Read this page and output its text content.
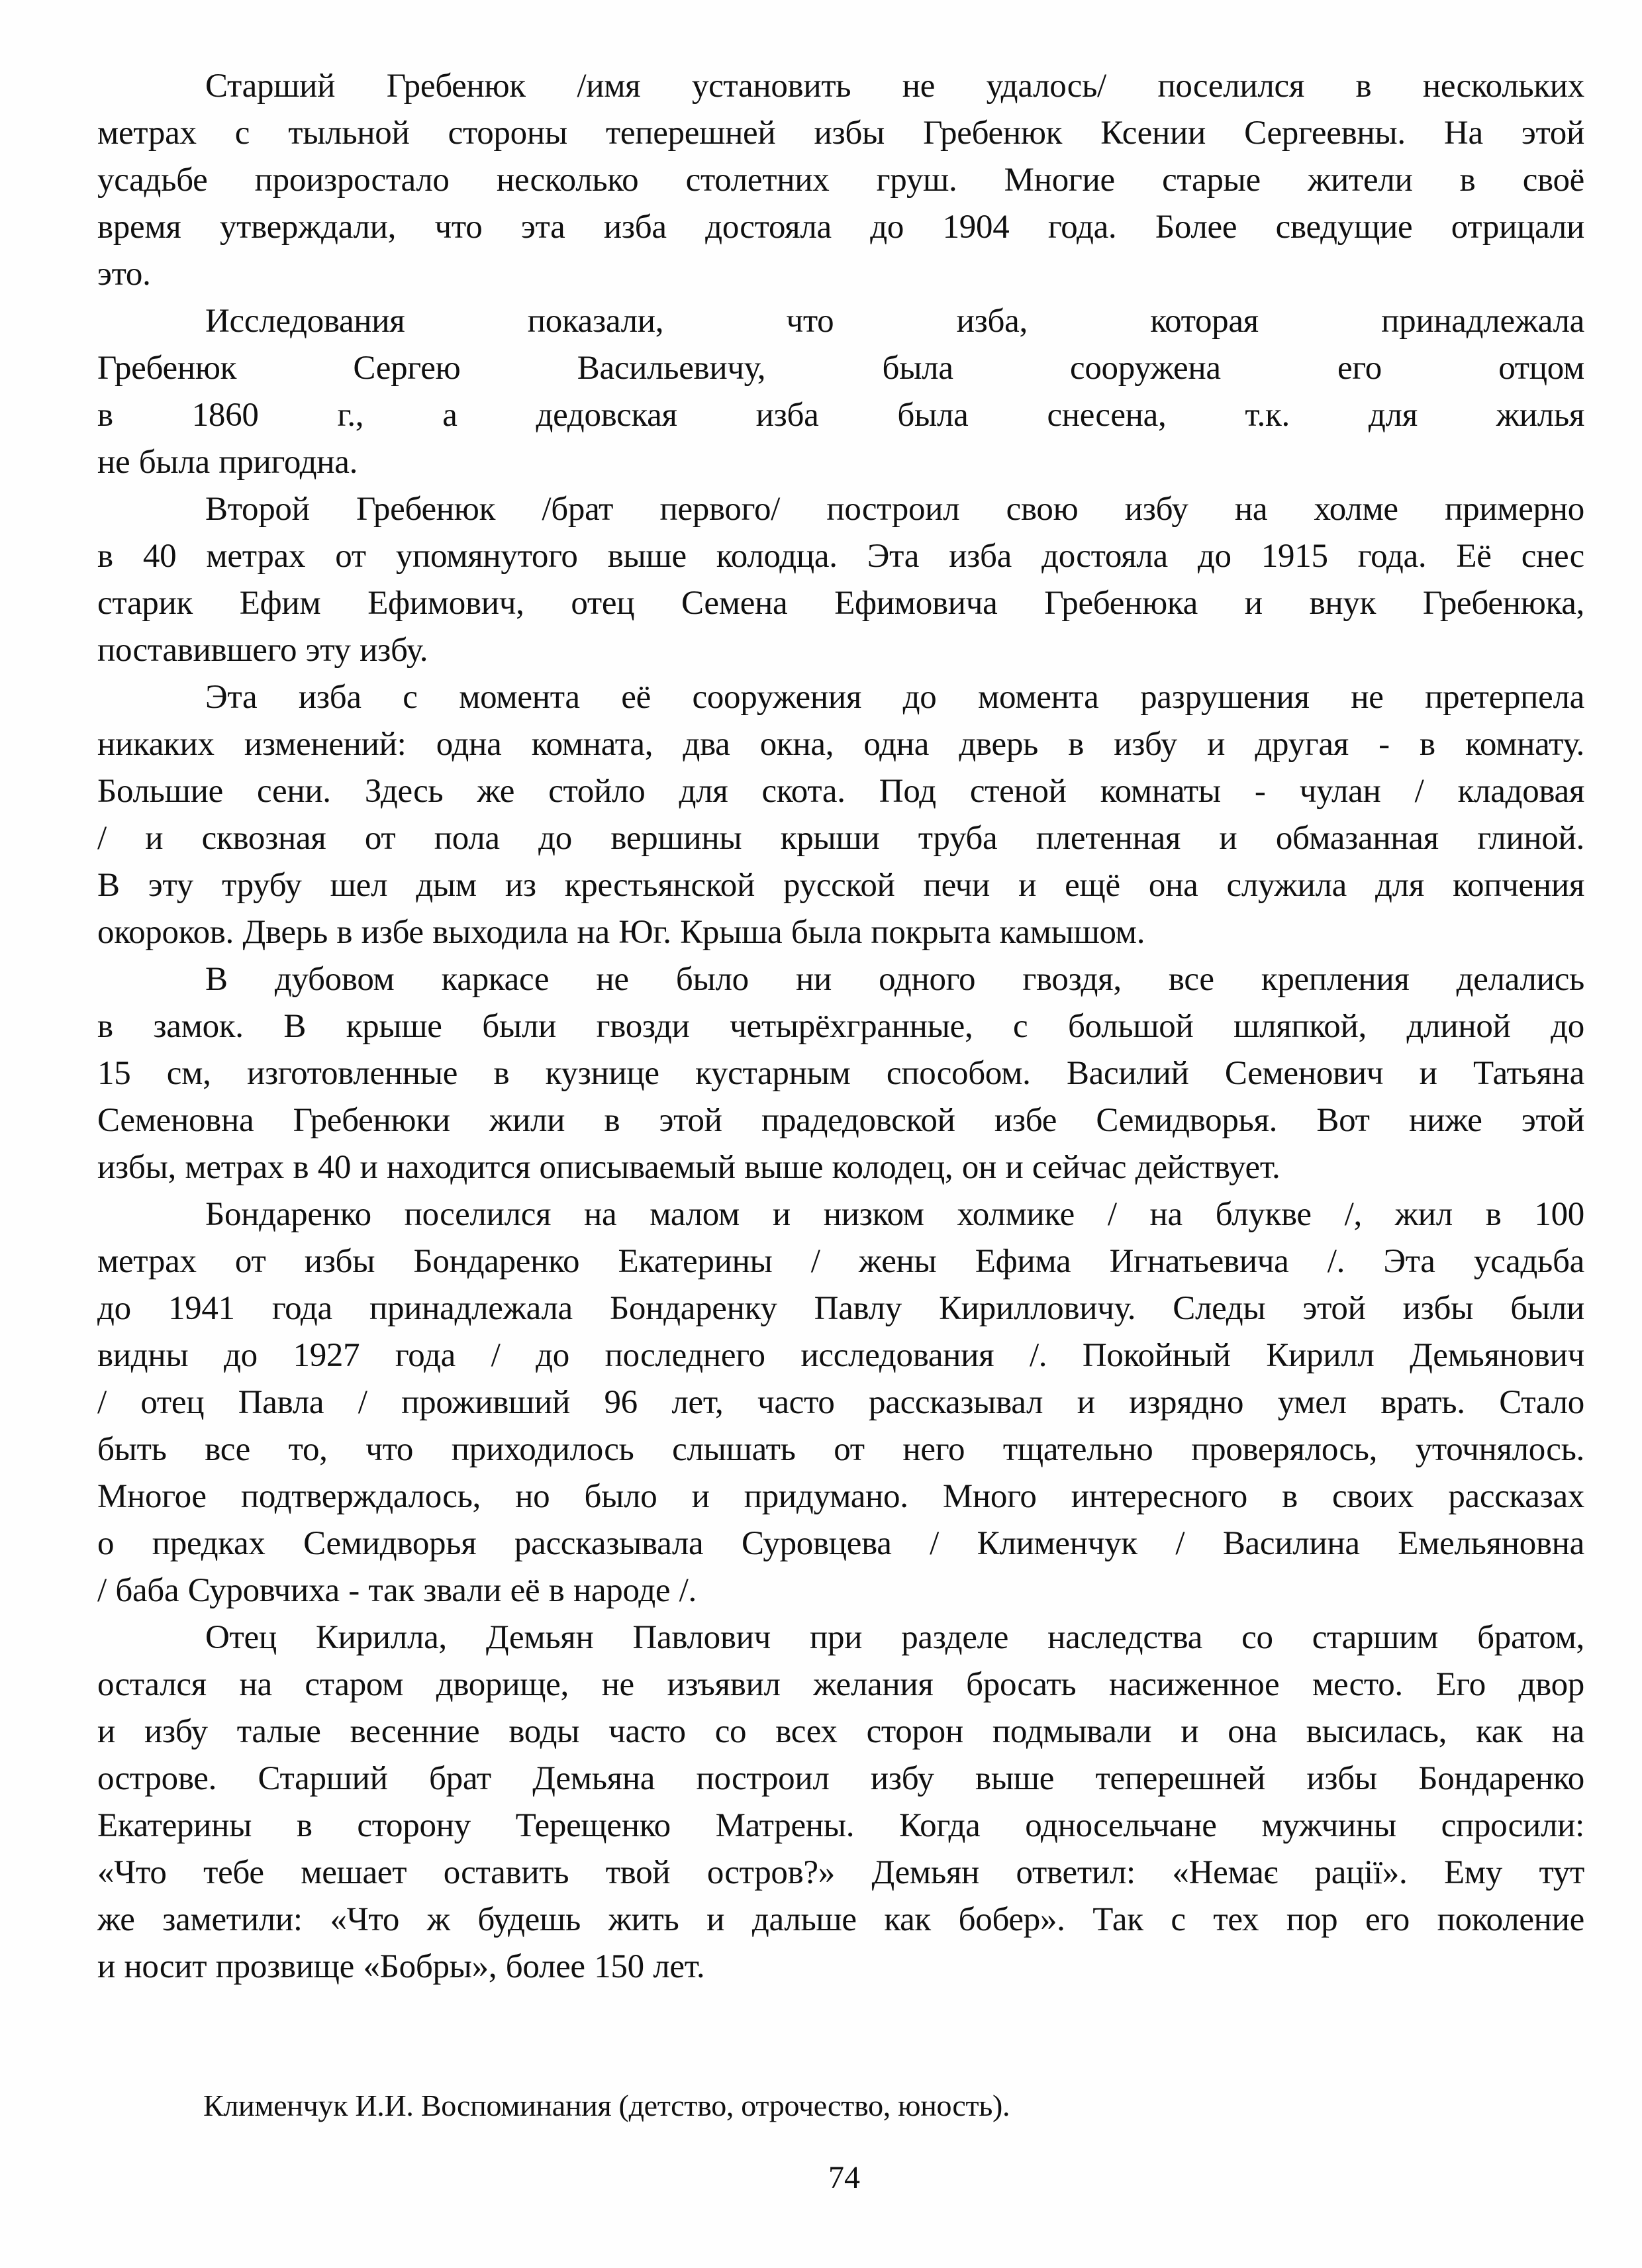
Старший Гребенюк /имя установить не удалось/ поселился в нескольких
метрах с тыльной стороны теперешней избы Гребенюк Ксении Сергеевны. На этой
усадьбе произростало несколько столетних груш. Многие старые жители в своё
время утверждали, что эта изба достояла до 1904 года. Более сведущие отрицали
это.
Исследования показали, что изба, которая принадлежала
Гребенюк Сергею Васильевичу, была сооружена его отцом
в 1860 г., а дедовская изба была снесена, т.к. для жилья
не была пригодна.
Второй Гребенюк /брат первого/ построил свою избу на холме примерно
в 40 метрах от упомянутого выше колодца. Эта изба достояла до 1915 года. Её снес
старик Ефим Ефимович, отец Семена Ефимовича Гребенюка и внук Гребенюка,
поставившего эту избу.
Эта изба с момента её сооружения до момента разрушения не претерпела
никаких изменений: одна комната, два окна, одна дверь в избу и другая - в комнату.
Большие сени. Здесь же стойло для скота. Под стеной комнаты - чулан / кладовая
/ и сквозная от пола до вершины крыши труба плетенная и обмазанная глиной.
В эту трубу шел дым из крестьянской русской печи и ещё она служила для копчения
окороков. Дверь в избе выходила на Юг. Крыша была покрыта камышом.
В дубовом каркасе не было ни одного гвоздя, все крепления делались
в замок. В крыше были гвозди четырёхгранные, с большой шляпкой, длиной до
15 см, изготовленные в кузнице кустарным способом. Василий Семенович и Татьяна
Семеновна Гребенюки жили в этой прадедовской избе Семидворья. Вот ниже этой
избы, метрах в 40 и находится описываемый выше колодец, он и сейчас действует.
Бондаренко поселился на малом и низком холмике / на блукве /, жил в 100
метрах от избы Бондаренко Екатерины / жены Ефима Игнатьевича /. Эта усадьба
до 1941 года принадлежала Бондаренку Павлу Кирилловичу. Следы этой избы были
видны до 1927 года / до последнего исследования /. Покойный Кирилл Демьянович
/ отец Павла / проживший 96 лет, часто рассказывал и изрядно умел врать. Стало
быть все то, что приходилось слышать от него тщательно проверялось, уточнялось.
Многое подтверждалось, но было и придумано. Много интересного в своих рассказах
о предках Семидворья рассказывала Суровцева / Клименчук / Василина Емельяновна
/ баба Суровчиха - так звали её в народе /.
Отец Кирилла, Демьян Павлович при разделе наследства со старшим братом,
остался на старом дворище, не изъявил желания бросать насиженное место. Его двор
и избу талые весенние воды часто со всех сторон подмывали и она высилась, как на
острове. Старший брат Демьяна построил избу выше теперешней избы Бондаренко
Екатерины в сторону Терещенко Матрены. Когда односельчане мужчины спросили:
«Что тебе мешает оставить твой остров?» Демьян ответил: «Немає рації». Ему тут
же заметили: «Что ж будешь жить и дальше как бобер». Так с тех пор его поколение
и носит прозвище «Бобры», более 150 лет.
Клименчук И.И. Воспоминания (детство, отрочество, юность).
74
